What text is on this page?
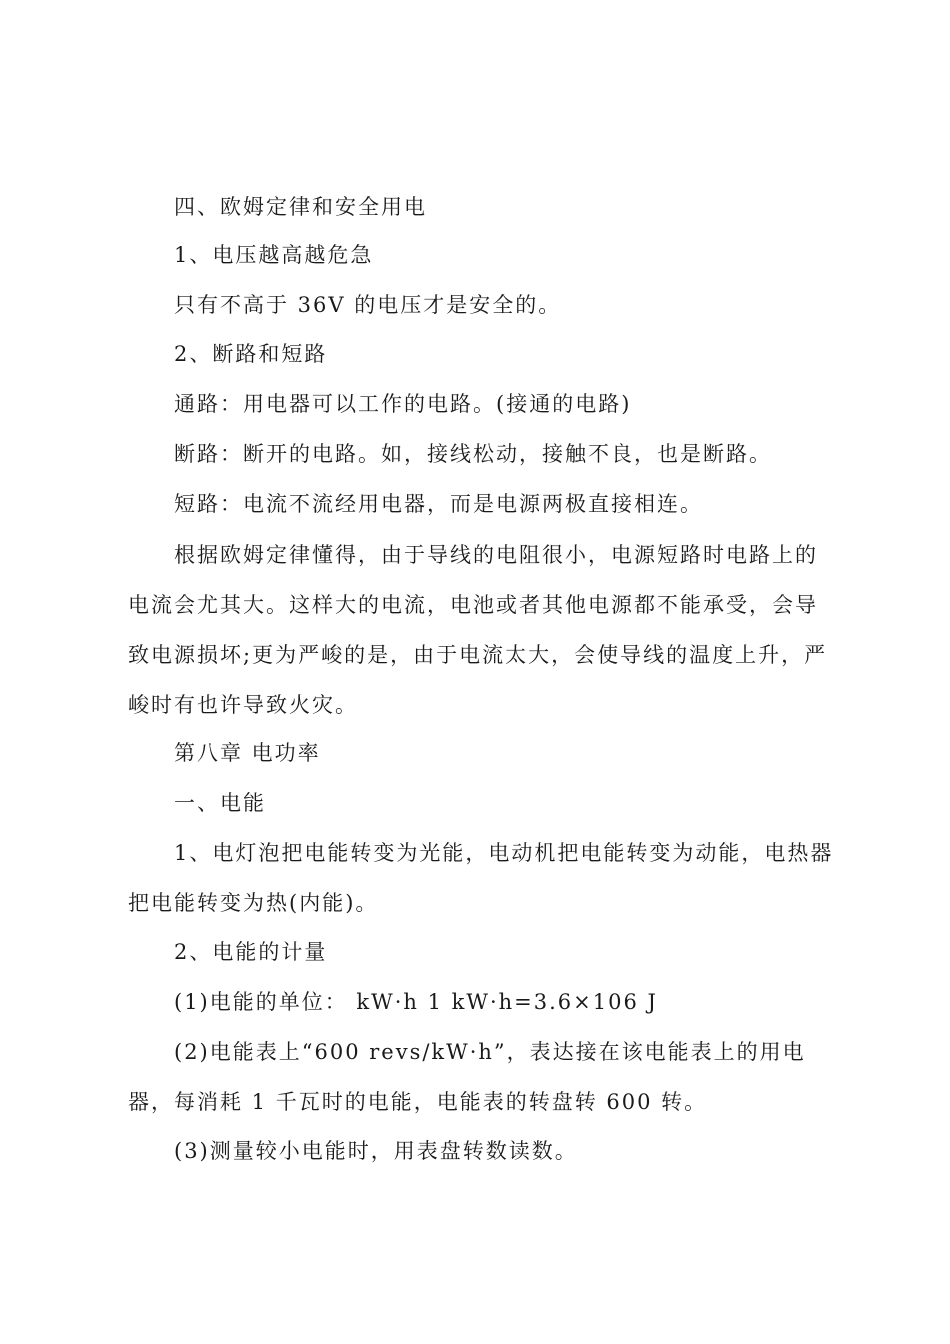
四、欧姆定律和安全用电
1、电压越高越危急
只有不高于 36V 的电压才是安全的。
2、断路和短路
通路：用电器可以工作的电路。(接通的电路)
断路：断开的电路。如，接线松动，接触不良，也是断路。
短路：电流不流经用电器，而是电源两极直接相连。
根据欧姆定律懂得，由于导线的电阻很小，电源短路时电路上的电流会尤其大。这样大的电流，电池或者其他电源都不能承受，会导致电源损坏;更为严峻的是，由于电流太大，会使导线的温度上升，严峻时有也许导致火灾。
第八章 电功率
一、电能
1、电灯泡把电能转变为光能，电动机把电能转变为动能，电热器把电能转变为热(内能)。
2、电能的计量
(1)电能的单位： kW·h 1 kW·h=3.6×106 J
(2)电能表上“600 revs/kW·h”，表达接在该电能表上的用电器，每消耗 1 千瓦时的电能，电能表的转盘转 600 转。
(3)测量较小电能时，用表盘转数读数。
